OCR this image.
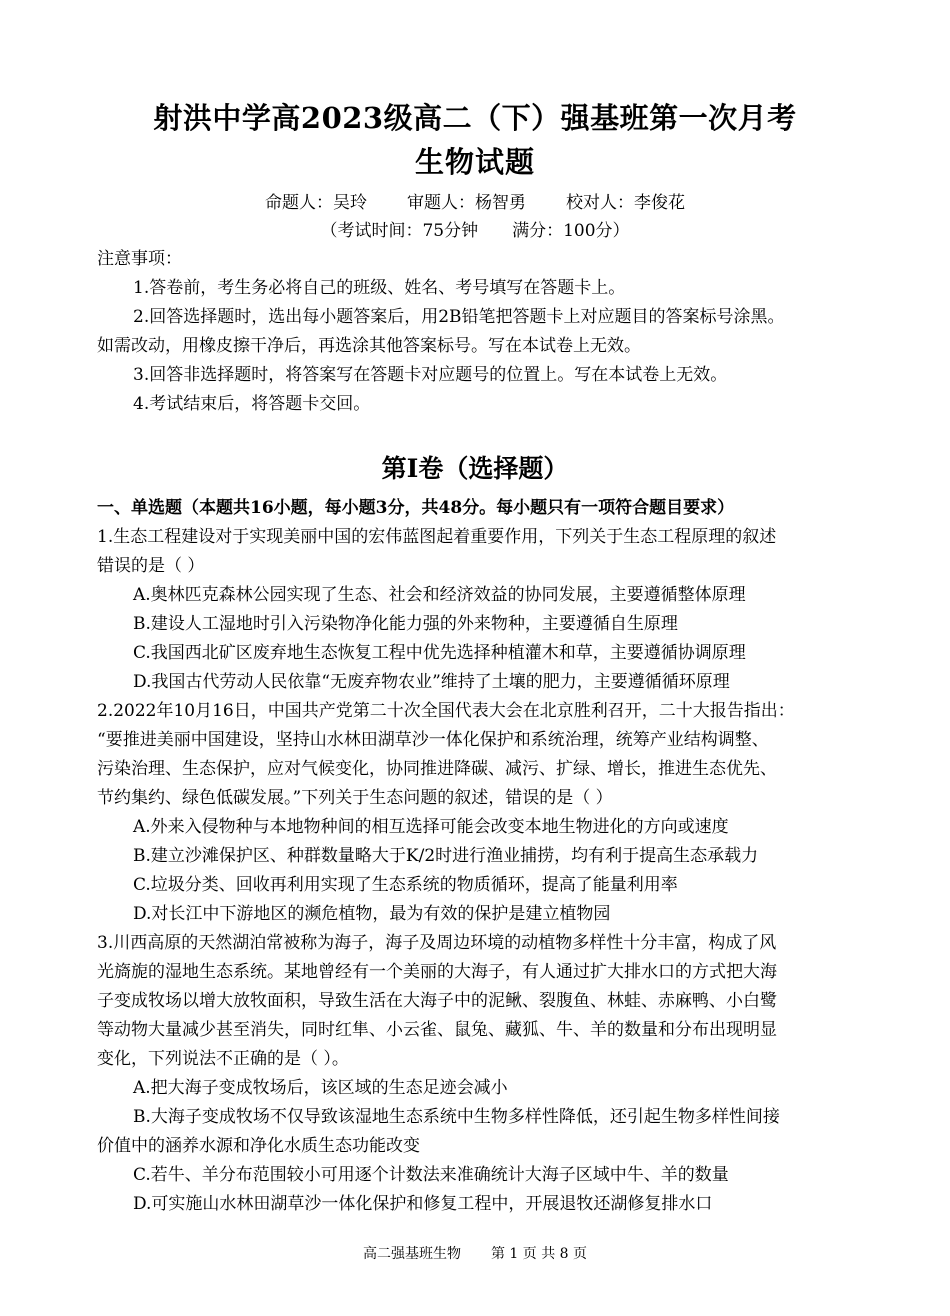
射洪中学高2023级高二（下）强基班第一次月考
生物试题
命题人：吴玲 审题人：杨智勇 校对人：李俊花
（考试时间：75分钟 满分：100分）
注意事项：
1.答卷前，考生务必将自己的班级、姓名、考号填写在答题卡上。
2.回答选择题时，选出每小题答案后，用2B铅笔把答题卡上对应题目的答案标号涂黑。
如需改动，用橡皮擦干净后，再选涂其他答案标号。写在本试卷上无效。
3.回答非选择题时，将答案写在答题卡对应题号的位置上。写在本试卷上无效。
4.考试结束后，将答题卡交回。
第I卷（选择题）
一、单选题（本题共16小题，每小题3分，共48分。每小题只有一项符合题目要求）
1.生态工程建设对于实现美丽中国的宏伟蓝图起着重要作用，下列关于生态工程原理的叙述
错误的是（ ）
A.奥林匹克森林公园实现了生态、社会和经济效益的协同发展，主要遵循整体原理
B.建设人工湿地时引入污染物净化能力强的外来物种，主要遵循自生原理
C.我国西北矿区废弃地生态恢复工程中优先选择种植灌木和草，主要遵循协调原理
D.我国古代劳动人民依靠“无废弃物农业”维持了土壤的肥力，主要遵循循环原理
2.2022年10月16日，中国共产党第二十次全国代表大会在北京胜利召开，二十大报告指出：
“要推进美丽中国建设，坚持山水林田湖草沙一体化保护和系统治理，统筹产业结构调整、
污染治理、生态保护，应对气候变化，协同推进降碳、减污、扩绿、增长，推进生态优先、
节约集约、绿色低碳发展。”下列关于生态问题的叙述，错误的是（ ）
A.外来入侵物种与本地物种间的相互选择可能会改变本地生物进化的方向或速度
B.建立沙滩保护区、种群数量略大于K/2时进行渔业捕捞，均有利于提高生态承载力
C.垃圾分类、回收再利用实现了生态系统的物质循环，提高了能量利用率
D.对长江中下游地区的濒危植物，最为有效的保护是建立植物园
3.川西高原的天然湖泊常被称为海子，海子及周边环境的动植物多样性十分丰富，构成了风
光旖旎的湿地生态系统。某地曾经有一个美丽的大海子，有人通过扩大排水口的方式把大海
子变成牧场以增大放牧面积，导致生活在大海子中的泥鳅、裂腹鱼、林蛙、赤麻鸭、小白鹭
等动物大量减少甚至消失，同时红隼、小云雀、鼠兔、藏狐、牛、羊的数量和分布出现明显
变化，下列说法不正确的是（ ）。
A.把大海子变成牧场后，该区域的生态足迹会减小
B.大海子变成牧场不仅导致该湿地生态系统中生物多样性降低，还引起生物多样性间接
价值中的涵养水源和净化水质生态功能改变
C.若牛、羊分布范围较小可用逐个计数法来准确统计大海子区域中牛、羊的数量
D.可实施山水林田湖草沙一体化保护和修复工程中，开展退牧还湖修复排水口
高二强基班生物 第 1 页 共 8 页
